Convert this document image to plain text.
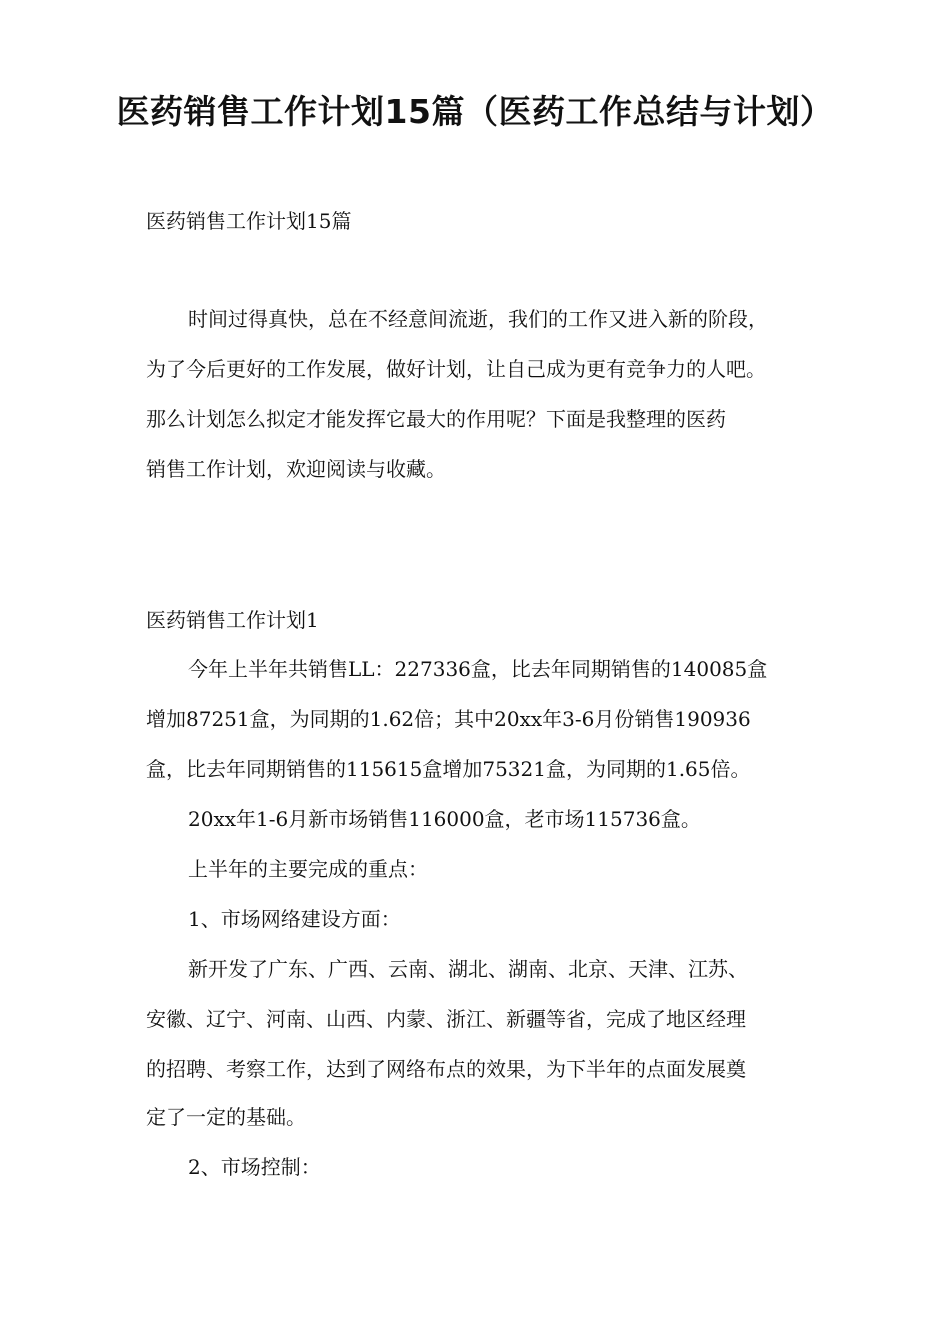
医药销售工作计划15篇（医药工作总结与计划）

医药销售工作计划15篇

时间过得真快，总在不经意间流逝，我们的工作又进入新的阶段，

为了今后更好的工作发展，做好计划，让自己成为更有竞争力的人吧。

那么计划怎么拟定才能发挥它最大的作用呢？下面是我整理的医药

销售工作计划，欢迎阅读与收藏。

医药销售工作计划1

今年上半年共销售LL：227336盒，比去年同期销售的140085盒

增加87251盒，为同期的1.62倍；其中20xx年3-6月份销售190936

盒，比去年同期销售的115615盒增加75321盒，为同期的1.65倍。

20xx年1-6月新市场销售116000盒，老市场115736盒。

上半年的主要完成的重点：

1、市场网络建设方面：

新开发了广东、广西、云南、湖北、湖南、北京、天津、江苏、

安徽、辽宁、河南、山西、内蒙、浙江、新疆等省，完成了地区经理

的招聘、考察工作，达到了网络布点的效果，为下半年的点面发展奠

定了一定的基础。

2、市场控制：
